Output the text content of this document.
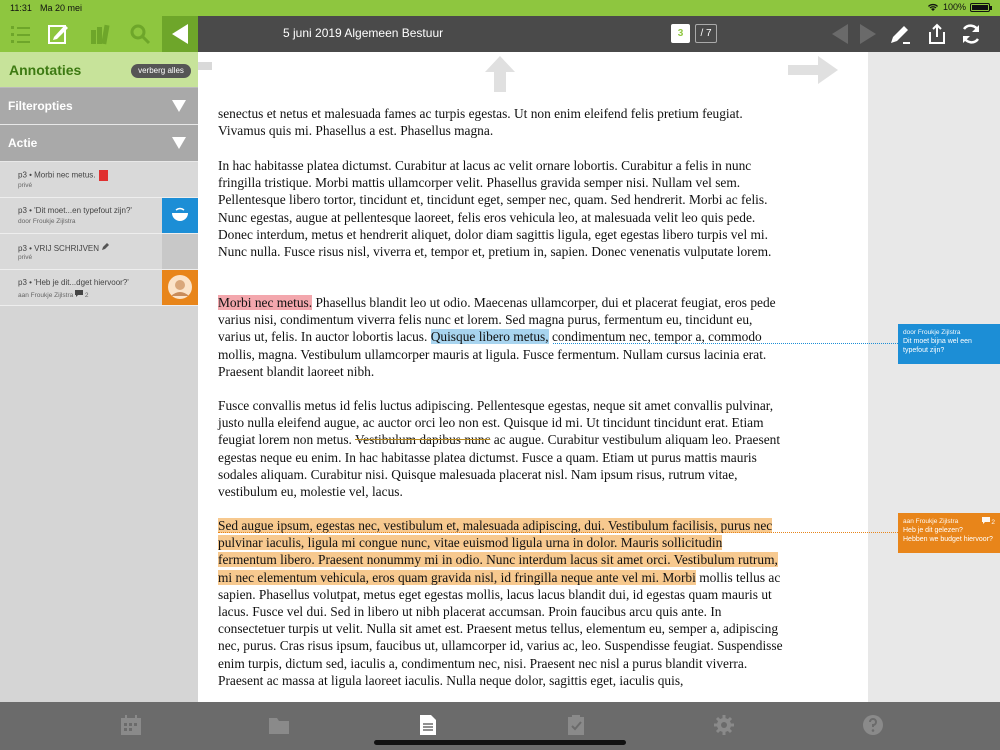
11:31 Ma 20 mei	100%
Annotaties	verberg alles
Filteropties
Actie
p3 • Morbi nec metus.
privé
p3 • 'Dit moet...en typefout zijn?'
door Froukje Zijlstra
p3 • VRIJ SCHRIJVEN
privé
p3 • 'Heb je dit...dget hiervoor?'
aan Froukje Zijlstra 2
5 juni 2019 Algemeen Bestuur	3	/ 7

senectus et netus et malesuada fames ac turpis egestas. Ut non enim eleifend felis pretium feugiat. Vivamus quis mi. Phasellus a est. Phasellus magna.

In hac habitasse platea dictumst. Curabitur at lacus ac velit ornare lobortis. Curabitur a felis in nunc fringilla tristique. Morbi mattis ullamcorper velit. Phasellus gravida semper nisi. Nullam vel sem. Pellentesque libero tortor, tincidunt et, tincidunt eget, semper nec, quam. Sed hendrerit. Morbi ac felis. Nunc egestas, augue at pellentesque laoreet, felis eros vehicula leo, at malesuada velit leo quis pede. Donec interdum, metus et hendrerit aliquet, dolor diam sagittis ligula, eget egestas libero turpis vel mi. Nunc nulla. Fusce risus nisl, viverra et, tempor et, pretium in, sapien. Donec venenatis vulputate lorem.

Morbi nec metus. Phasellus blandit leo ut odio. Maecenas ullamcorper, dui et placerat feugiat, eros pede varius nisi, condimentum viverra felis nunc et lorem. Sed magna purus, fermentum eu, tincidunt eu, varius ut, felis. In auctor lobortis lacus. Quisque libero metus, condimentum nec, tempor a, commodo mollis, magna. Vestibulum ullamcorper mauris at ligula. Fusce fermentum. Nullam cursus lacinia erat. Praesent blandit laoreet nibh.

Fusce convallis metus id felis luctus adipiscing. Pellentesque egestas, neque sit amet convallis pulvinar, justo nulla eleifend augue, ac auctor orci leo non est. Quisque id mi. Ut tincidunt tincidunt erat. Etiam feugiat lorem non metus. Vestibulum dapibus nunc ac augue. Curabitur vestibulum aliquam leo. Praesent egestas neque eu enim. In hac habitasse platea dictumst. Fusce a quam. Etiam ut purus mattis mauris sodales aliquam. Curabitur nisi. Quisque malesuada placerat nisl. Nam ipsum risus, rutrum vitae, vestibulum eu, molestie vel, lacus.

Sed augue ipsum, egestas nec, vestibulum et, malesuada adipiscing, dui. Vestibulum facilisis, purus nec pulvinar iaculis, ligula mi congue nunc, vitae euismod ligula urna in dolor. Mauris sollicitudin fermentum libero. Praesent nonummy mi in odio. Nunc interdum lacus sit amet orci. Vestibulum rutrum, mi nec elementum vehicula, eros quam gravida nisl, id fringilla neque ante vel mi. Morbi mollis tellus ac sapien. Phasellus volutpat, metus eget egestas mollis, lacus lacus blandit dui, id egestas quam mauris ut lacus. Fusce vel dui. Sed in libero ut nibh placerat accumsan. Proin faucibus arcu quis ante. In consectetuer turpis ut velit. Nulla sit amet est. Praesent metus tellus, elementum eu, semper a, adipiscing nec, purus. Cras risus ipsum, faucibus ut, ullamcorper id, varius ac, leo. Suspendisse feugiat. Suspendisse enim turpis, dictum sed, iaculis a, condimentum nec, nisi. Praesent nec nisl a purus blandit viverra. Praesent ac massa at ligula laoreet iaculis. Nulla neque dolor, sagittis eget, iaculis quis,

door Froukje Zijlstra
Dit moet bijna wel een typefout zijn?
aan Froukje Zijlstra	2
Heb je dit gelezen? Hebben we budget hiervoor?
